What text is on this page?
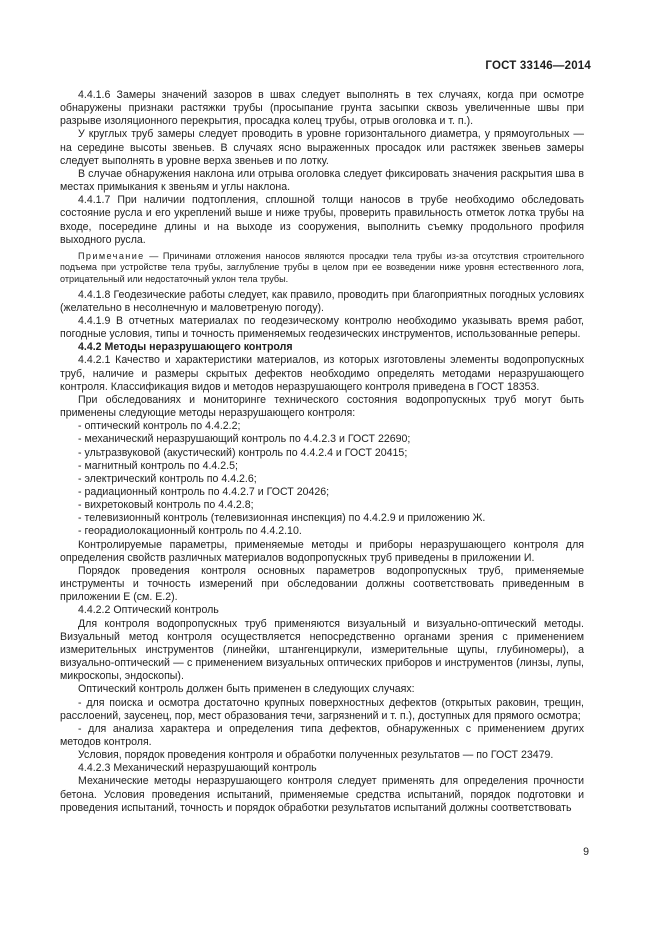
ГОСТ 33146—2014

4.4.1.6 Замеры значений зазоров в швах следует выполнять в тех случаях, когда при осмотре обнаружены признаки растяжки трубы (просыпание грунта засыпки сквозь увеличенные швы при разрыве изоляционного перекрытия, просадка колец трубы, отрыв оголовка и т. п.).

У круглых труб замеры следует проводить в уровне горизонтального диаметра, у прямоугольных — на середине высоты звеньев. В случаях ясно выраженных просадок или растяжек звеньев замеры следует выполнять в уровне верха звеньев и по лотку.

В случае обнаружения наклона или отрыва оголовка следует фиксировать значения раскрытия шва в местах примыкания к звеньям и углы наклона.

4.4.1.7 При наличии подтопления, сплошной толщи наносов в трубе необходимо обследовать состояние русла и его укреплений выше и ниже трубы, проверить правильность отметок лотка трубы на входе, посередине длины и на выходе из сооружения, выполнить съемку продольного профиля выходного русла.

Примечание — Причинами отложения наносов являются просадки тела трубы из-за отсутствия строительного подъема при устройстве тела трубы, заглубление трубы в целом при ее возведении ниже уровня естественного лога, отрицательный или недостаточный уклон тела трубы.

4.4.1.8 Геодезические работы следует, как правило, проводить при благоприятных погодных условиях (желательно в несолнечную и маловетреную погоду).

4.4.1.9 В отчетных материалах по геодезическому контролю необходимо указывать время работ, погодные условия, типы и точность применяемых геодезических инструментов, использованные реперы.

4.4.2 Методы неразрушающего контроля

4.4.2.1 Качество и характеристики материалов, из которых изготовлены элементы водопропускных труб, наличие и размеры скрытых дефектов необходимо определять методами неразрушающего контроля. Классификация видов и методов неразрушающего контроля приведена в ГОСТ 18353.

При обследованиях и мониторинге технического состояния водопропускных труб могут быть применены следующие методы неразрушающего контроля:

- оптический контроль по 4.4.2.2;

- механический неразрушающий контроль по 4.4.2.3 и ГОСТ 22690;

- ультразвуковой (акустический) контроль по 4.4.2.4 и ГОСТ 20415;

- магнитный контроль по 4.4.2.5;

- электрический контроль по 4.4.2.6;

- радиационный контроль по 4.4.2.7 и ГОСТ 20426;

- вихретоковый контроль по 4.4.2.8;

- телевизионный контроль (телевизионная инспекция) по 4.4.2.9 и приложению Ж.

- георадиолокационный контроль по 4.4.2.10.

Контролируемые параметры, применяемые методы и приборы неразрушающего контроля для определения свойств различных материалов водопропускных труб приведены в приложении И.

Порядок проведения контроля основных параметров водопропускных труб, применяемые инструменты и точность измерений при обследовании должны соответствовать приведенным в приложении Е (см. Е.2).

4.4.2.2 Оптический контроль

Для контроля водопропускных труб применяются визуальный и визуально-оптический методы. Визуальный метод контроля осуществляется непосредственно органами зрения с применением измерительных инструментов (линейки, штангенциркули, измерительные щупы, глубиномеры), а визуально-оптический — с применением визуальных оптических приборов и инструментов (линзы, лупы, микроскопы, эндоскопы).

Оптический контроль должен быть применен в следующих случаях:

- для поиска и осмотра достаточно крупных поверхностных дефектов (открытых раковин, трещин, расслоений, заусенец, пор, мест образования течи, загрязнений и т. п.), доступных для прямого осмотра;

- для анализа характера и определения типа дефектов, обнаруженных с применением других методов контроля.

Условия, порядок проведения контроля и обработки полученных результатов — по ГОСТ 23479.

4.4.2.3 Механический неразрушающий контроль

Механические методы неразрушающего контроля следует применять для определения прочности бетона. Условия проведения испытаний, применяемые средства испытаний, порядок подготовки и проведения испытаний, точность и порядок обработки результатов испытаний должны соответствовать

9
